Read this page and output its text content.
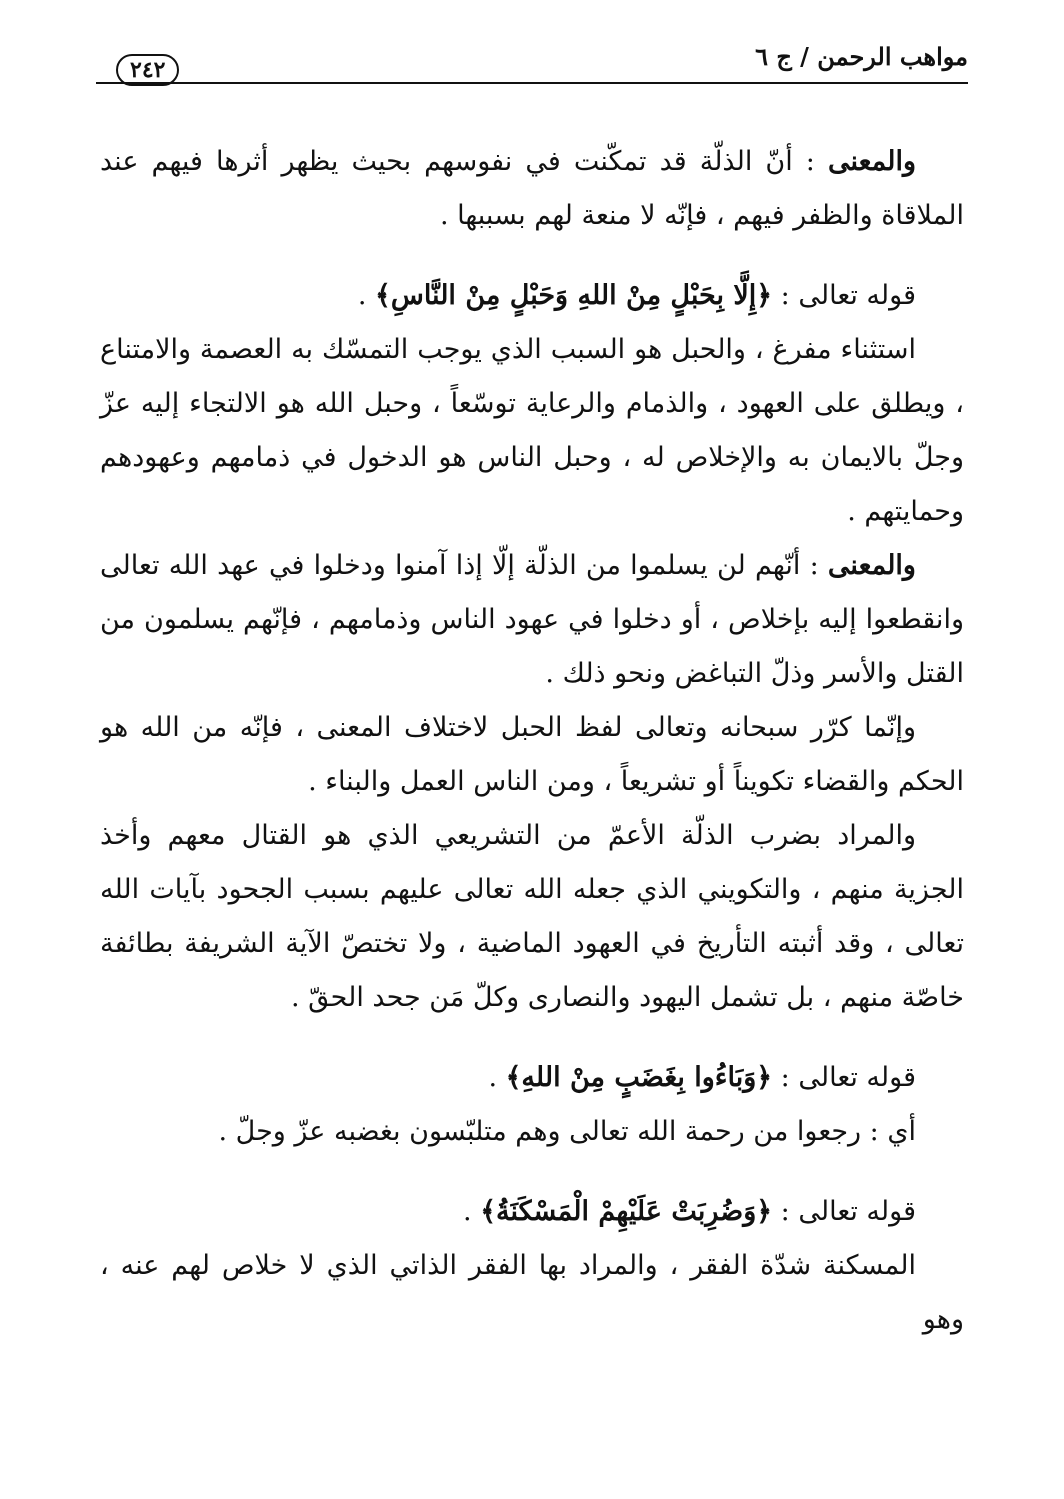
مواهب الرحمن / ج ٦
٢٤٢

والمعنى : أنّ الذلّة قد تمكّنت في نفوسهم بحيث يظهر أثرها فيهم عند الملاقاة والظفر فيهم ، فإنّه لا منعة لهم بسببها .

قوله تعالى : ﴿إِلَّا بِحَبْلٍ مِنْ اللهِ وَحَبْلٍ مِنْ النَّاسِ﴾ .

استثناء مفرغ ، والحبل هو السبب الذي يوجب التمسّك به العصمة والامتناع ، ويطلق على العهود ، والذمام والرعاية توسّعاً ، وحبل الله هو الالتجاء إليه عزّ وجلّ بالايمان به والإخلاص له ، وحبل الناس هو الدخول في ذمامهم وعهودهم وحمايتهم .

والمعنى : أنّهم لن يسلموا من الذلّة إلّا إذا آمنوا ودخلوا في عهد الله تعالى وانقطعوا إليه بإخلاص ، أو دخلوا في عهود الناس وذمامهم ، فإنّهم يسلمون من القتل والأسر وذلّ التباغض ونحو ذلك .

وإنّما كرّر سبحانه وتعالى لفظ الحبل لاختلاف المعنى ، فإنّه من الله هو الحكم والقضاء تكويناً أو تشريعاً ، ومن الناس العمل والبناء .

والمراد بضرب الذلّة الأعمّ من التشريعي الذي هو القتال معهم وأخذ الجزية منهم ، والتكويني الذي جعله الله تعالى عليهم بسبب الجحود بآيات الله تعالى ، وقد أثبته التأريخ في العهود الماضية ، ولا تختصّ الآية الشريفة بطائفة خاصّة منهم ، بل تشمل اليهود والنصارى وكلّ مَن جحد الحقّ .

قوله تعالى : ﴿وَبَاءُوا بِغَضَبٍ مِنْ اللهِ﴾ .

أي : رجعوا من رحمة الله تعالى وهم متلبّسون بغضبه عزّ وجلّ .

قوله تعالى : ﴿وَضُرِبَتْ عَلَيْهِمْ الْمَسْكَنَةُ﴾ .

المسكنة شدّة الفقر ، والمراد بها الفقر الذاتي الذي لا خلاص لهم عنه ، وهو
